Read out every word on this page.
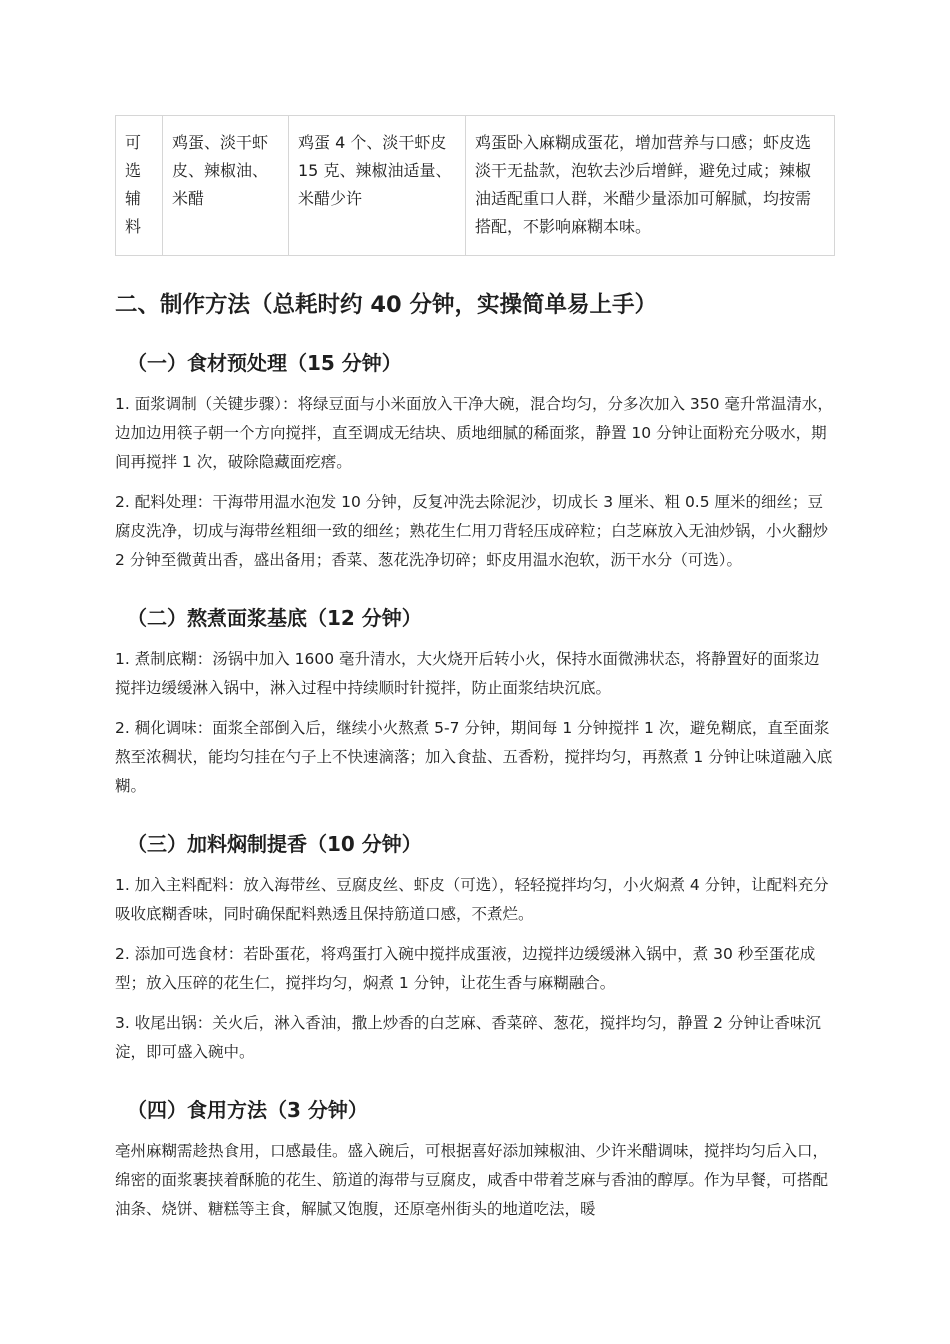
可选辅料	鸡蛋、淡干虾皮、辣椒油、米醋	鸡蛋 4 个、淡干虾皮 15 克、辣椒油适量、米醋少许	鸡蛋卧入麻糊成蛋花，增加营养与口感；虾皮选淡干无盐款，泡软去沙后增鲜，避免过咸；辣椒油适配重口人群，米醋少量添加可解腻，均按需搭配，不影响麻糊本味。
二、制作方法（总耗时约 40 分钟，实操简单易上手）
（一）食材预处理（15 分钟）

1. 面浆调制（关键步骤）：将绿豆面与小米面放入干净大碗，混合均匀，分多次加入 350 毫升常温清水，边加边用筷子朝一个方向搅拌，直至调成无结块、质地细腻的稀面浆，静置 10 分钟让面粉充分吸水，期间再搅拌 1 次，破除隐藏面疙瘩。

2. 配料处理：干海带用温水泡发 10 分钟，反复冲洗去除泥沙，切成长 3 厘米、粗 0.5 厘米的细丝；豆腐皮洗净，切成与海带丝粗细一致的细丝；熟花生仁用刀背轻压成碎粒；白芝麻放入无油炒锅，小火翻炒 2 分钟至微黄出香，盛出备用；香菜、葱花洗净切碎；虾皮用温水泡软，沥干水分（可选）。

（二）熬煮面浆基底（12 分钟）

1. 煮制底糊：汤锅中加入 1600 毫升清水，大火烧开后转小火，保持水面微沸状态，将静置好的面浆边搅拌边缓缓淋入锅中，淋入过程中持续顺时针搅拌，防止面浆结块沉底。

2. 稠化调味：面浆全部倒入后，继续小火熬煮 5-7 分钟，期间每 1 分钟搅拌 1 次，避免糊底，直至面浆熬至浓稠状，能均匀挂在勺子上不快速滴落；加入食盐、五香粉，搅拌均匀，再熬煮 1 分钟让味道融入底糊。

（三）加料焖制提香（10 分钟）

1. 加入主料配料：放入海带丝、豆腐皮丝、虾皮（可选），轻轻搅拌均匀，小火焖煮 4 分钟，让配料充分吸收底糊香味，同时确保配料熟透且保持筋道口感，不煮烂。

2. 添加可选食材：若卧蛋花，将鸡蛋打入碗中搅拌成蛋液，边搅拌边缓缓淋入锅中，煮 30 秒至蛋花成型；放入压碎的花生仁，搅拌均匀，焖煮 1 分钟，让花生香与麻糊融合。

3. 收尾出锅：关火后，淋入香油，撒上炒香的白芝麻、香菜碎、葱花，搅拌均匀，静置 2 分钟让香味沉淀，即可盛入碗中。

（四）食用方法（3 分钟）

亳州麻糊需趁热食用，口感最佳。盛入碗后，可根据喜好添加辣椒油、少许米醋调味，搅拌均匀后入口，绵密的面浆裹挟着酥脆的花生、筋道的海带与豆腐皮，咸香中带着芝麻与香油的醇厚。作为早餐，可搭配油条、烧饼、糖糕等主食，解腻又饱腹，还原亳州街头的地道吃法，暖
